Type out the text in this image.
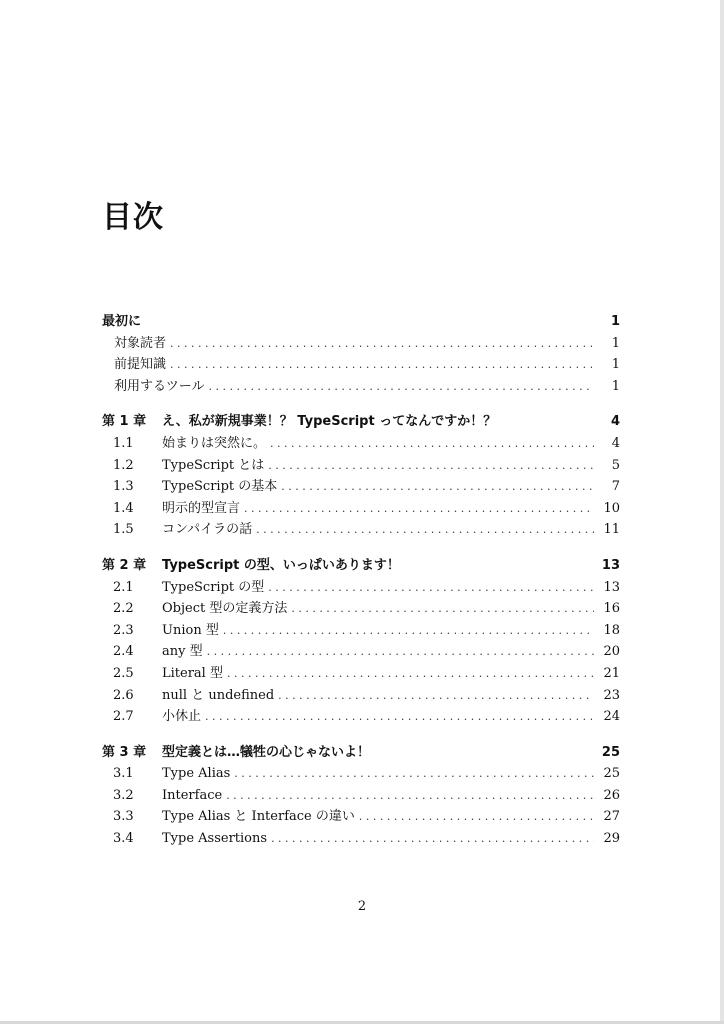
目次
最初に	1
対象読者 . . .	1
前提知識 . . .	1
利用するツール . . .	1
第 1 章	え、私が新規事業！？ TypeScript ってなんですか！？	4
1.1	始まりは突然に。 . . .	4
1.2	TypeScript とは . . .	5
1.3	TypeScript の基本 . . .	7
1.4	明示的型宣言 . . .	10
1.5	コンパイラの話 . . .	11
第 2 章	TypeScript の型、いっぱいあります！	13
2.1	TypeScript の型 . . .	13
2.2	Object 型の定義方法 . . .	16
2.3	Union 型 . . .	18
2.4	any 型 . . .	20
2.5	Literal 型 . . .	21
2.6	null と undefined . . .	23
2.7	小休止 . . .	24
第 3 章	型定義とは…犠牲の心じゃないよ！	25
3.1	Type Alias . . .	25
3.2	Interface . . .	26
3.3	Type Alias と Interface の違い . . .	27
3.4	Type Assertions . . .	29
2
